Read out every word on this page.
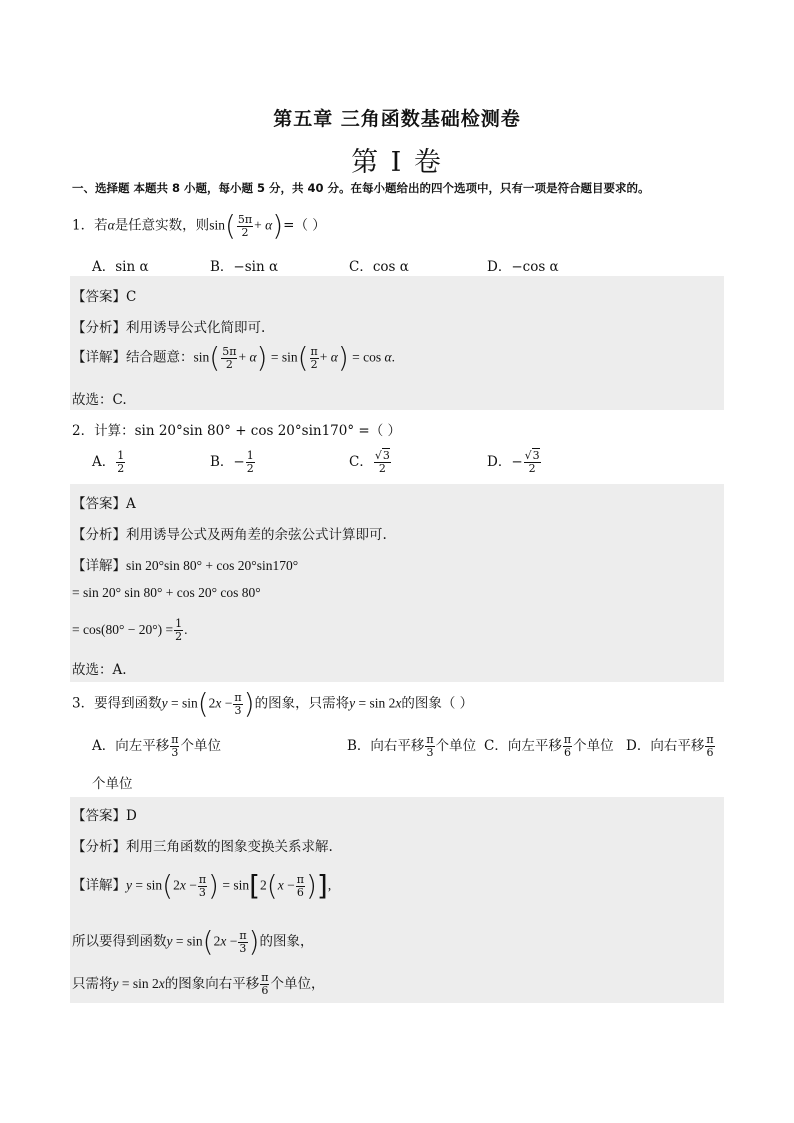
第五章 三角函数基础检测卷
第 I 卷
一、选择题 本题共 8 小题，每小题 5 分，共 40 分。在每小题给出的四个选项中，只有一项是符合题目要求的。
1．若α是任意实数，则$\sin( \frac{5\pi}{2} + \alpha)=$（ ）
A．sin α	B．−sin α	C．cos α	D．−cos α
【答案】C
【分析】利用诱导公式化简即可.
【详解】结合题意：$\sin( \frac{5\pi}{2} + \alpha) = \sin( \frac{\pi}{2} + \alpha) = \cos \alpha$.
故选：C.
2．计算：sin 20°sin 80° + cos 20°sin170° =（ ）
A． $\frac{1}{2}$	B．− $\frac{1}{2}$	C． $\frac{√3}{2}$	D．− $\frac{√3}{2}$
【答案】A
【分析】利用诱导公式及两角差的余弦公式计算即可.
【详解】sin 20°sin 80° + cos 20°sin170°
= sin 20° sin 80° + cos 20° cos 80°
= $\cos(80^\circ - 20^\circ) = \frac{1}{2}$ .
故选：A.
3．要得到函数$y = \sin(2x - \frac{\pi}{3}$ )的图象，只需将y = sin 2x的图象（ ）
A．向左平移 $\frac{\pi}{3}$ 个单位	B．向右平移 $\frac{\pi}{3}$ 个单位 C．向左平移 $\frac{\pi}{6}$ 个单位 D．向右平移 $\frac{\pi}{6}$
个单位
【答案】D
【分析】利用三角函数的图象变换关系求解.
【详解】$y = \sin(2x - \frac{\pi}{3}$ ) = $\sin[2(x - \frac{\pi}{6}$ )],
所以要得到函数$y = \sin(2x - \frac{\pi}{3}$ )的图象，
只需将y = sin 2x的图象向右平移 $\frac{\pi}{6}$ 个单位，
